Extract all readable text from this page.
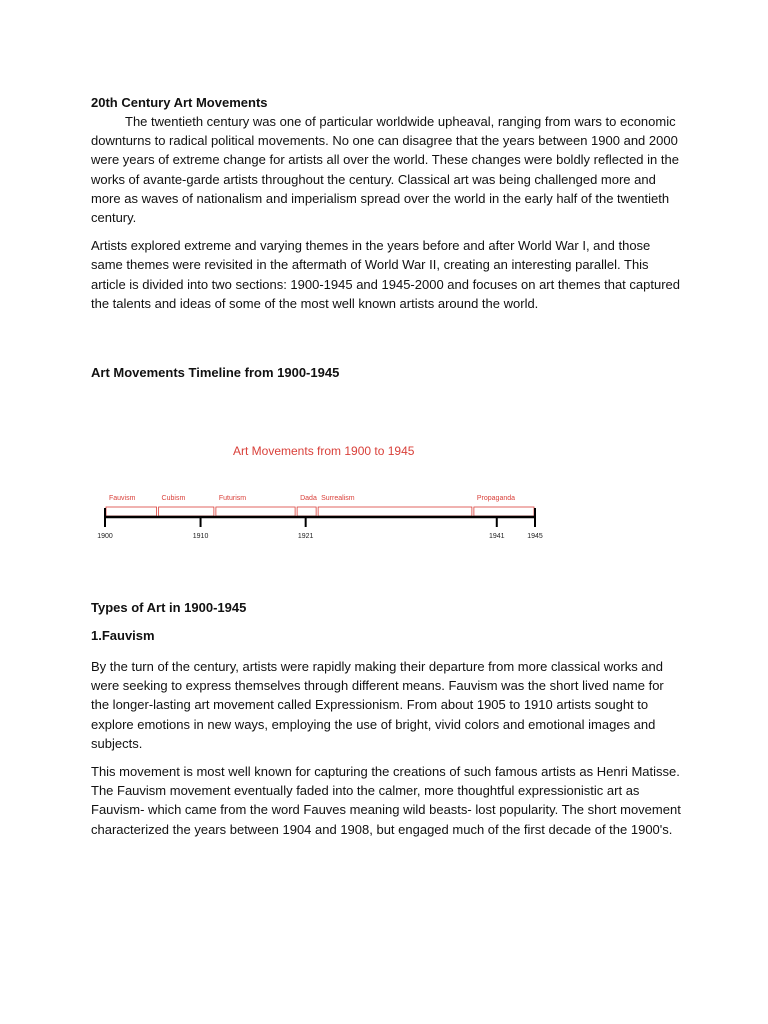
20th Century Art Movements

The twentieth century was one of particular worldwide upheaval, ranging from wars to economic downturns to radical political movements. No one can disagree that the years between 1900 and 2000 were years of extreme change for artists all over the world. These changes were boldly reflected in the works of avante-garde artists throughout the century. Classical art was being challenged more and more as waves of nationalism and imperialism spread over the world in the early half of the twentieth century.

Artists explored extreme and varying themes in the years before and after World War I, and those same themes were revisited in the aftermath of World War II, creating an interesting parallel. This article is divided into two sections: 1900-1945 and 1945-2000 and focuses on art themes that captured the talents and ideas of some of the most well known artists around the world.

Art Movements Timeline from 1900-1945

Art Movements from 1900 to 1945
Fauvism	Cubism	Futurism	Dada Surrealism	Propaganda
1900	1910	1921	1941	1945

Types of Art in 1900-1945

1.Fauvism

By the turn of the century, artists were rapidly making their departure from more classical works and were seeking to express themselves through different means. Fauvism was the short lived name for the longer-lasting art movement called Expressionism. From about 1905 to 1910 artists sought to explore emotions in new ways, employing the use of bright, vivid colors and emotional images and subjects.

This movement is most well known for capturing the creations of such famous artists as Henri Matisse. The Fauvism movement eventually faded into the calmer, more thoughtful expressionistic art as Fauvism- which came from the word Fauves meaning wild beasts- lost popularity. The short movement characterized the years between 1904 and 1908, but engaged much of the first decade of the 1900's.
